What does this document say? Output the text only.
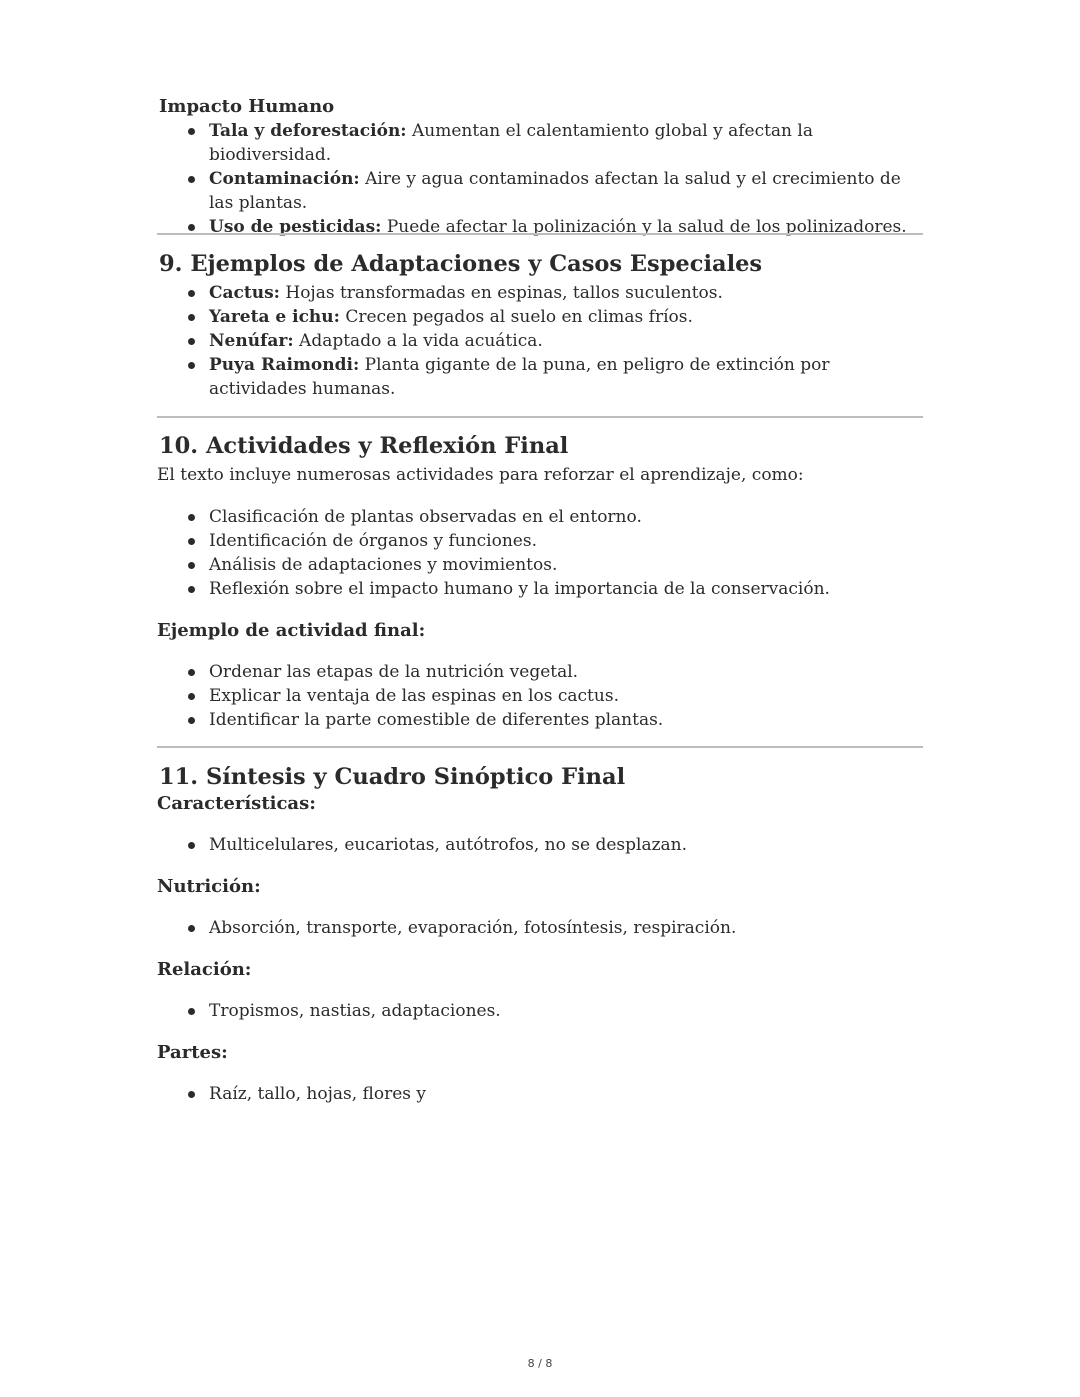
Impacto Humano

Tala y deforestación: Aumentan el calentamiento global y afectan la biodiversidad.
Contaminación: Aire y agua contaminados afectan la salud y el crecimiento de las plantas.
Uso de pesticidas: Puede afectar la polinización y la salud de los polinizadores.

9. Ejemplos de Adaptaciones y Casos Especiales

Cactus: Hojas transformadas en espinas, tallos suculentos.
Yareta e ichu: Crecen pegados al suelo en climas fríos.
Nenúfar: Adaptado a la vida acuática.
Puya Raimondi: Planta gigante de la puna, en peligro de extinción por actividades humanas.

10. Actividades y Reflexión Final

El texto incluye numerosas actividades para reforzar el aprendizaje, como:

Clasificación de plantas observadas en el entorno.
Identificación de órganos y funciones.
Análisis de adaptaciones y movimientos.
Reflexión sobre el impacto humano y la importancia de la conservación.

Ejemplo de actividad final:

Ordenar las etapas de la nutrición vegetal.
Explicar la ventaja de las espinas en los cactus.
Identificar la parte comestible de diferentes plantas.

11. Síntesis y Cuadro Sinóptico Final

Características:

Multicelulares, eucariotas, autótrofos, no se desplazan.

Nutrición:

Absorción, transporte, evaporación, fotosíntesis, respiración.

Relación:

Tropismos, nastias, adaptaciones.

Partes:

Raíz, tallo, hojas, flores y
8 / 8
